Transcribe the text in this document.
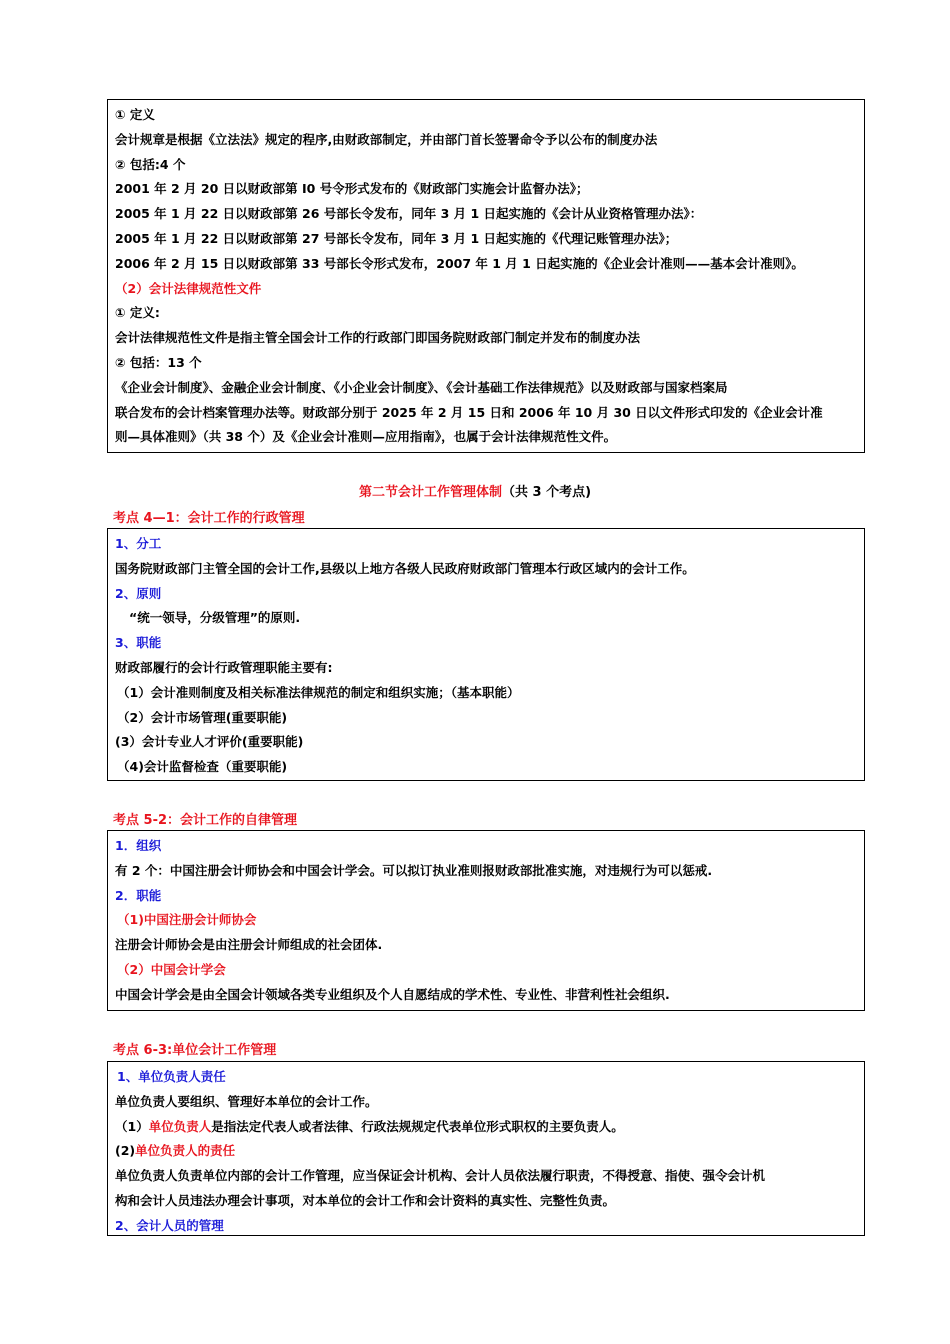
① 定义
会计规章是根据《立法法》规定的程序,由财政部制定，并由部门首长签署命令予以公布的制度办法
② 包括:4 个
2001 年 2 月 20 日以财政部第 I0 号令形式发布的《财政部门实施会计监督办法》；
2005 年 1 月 22 日以财政部第 26 号部长令发布，同年 3 月 1 日起实施的《会计从业资格管理办法》：
2005 年 1 月 22 日以财政部第 27 号部长令发布，同年 3 月 1 日起实施的《代理记账管理办法》；
2006 年 2 月 15 日以财政部第 33 号部长令形式发布，2007 年 1 月 1 日起实施的《企业会计准则——基本会计准则》。
（2）会计法律规范性文件
① 定义:
会计法律规范性文件是指主管全国会计工作的行政部门即国务院财政部门制定并发布的制度办法
② 包括：13 个
《企业会计制度》、金融企业会计制度、《小企业会计制度》、《会计基础工作法律规范》以及财政部与国家档案局
联合发布的会计档案管理办法等。财政部分别于 2025 年 2 月 15 日和 2006 年 10 月 30 日以文件形式印发的《企业会计准
则—具体准则》（共 38 个）及《企业会计准则—应用指南》，也属于会计法律规范性文件。
第二节会计工作管理体制（共 3 个考点)
考点 4—1：会计工作的行政管理
1、分工
国务院财政部门主管全国的会计工作,县级以上地方各级人民政府财政部门管理本行政区域内的会计工作。
2、原则
“统一领导，分级管理”的原则.
3、职能
财政部履行的会计行政管理职能主要有:
（1）会计准则制度及相关标准法律规范的制定和组织实施；（基本职能）
（2）会计市场管理(重要职能)
(3）会计专业人才评价(重要职能)
（4)会计监督检查（重要职能)
考点 5-2：会计工作的自律管理
1．组织
有 2 个：中国注册会计师协会和中国会计学会。可以拟订执业准则报财政部批准实施，对违规行为可以惩戒.
2．职能
（1)中国注册会计师协会
注册会计师协会是由注册会计师组成的社会团体.
（2）中国会计学会
中国会计学会是由全国会计领域各类专业组织及个人自愿结成的学术性、专业性、非营利性社会组织.
考点 6-3:单位会计工作管理
1、单位负责人责任
单位负责人要组织、管理好本单位的会计工作。
（1）单位负责人是指法定代表人或者法律、行政法规规定代表单位形式职权的主要负责人。
(2)单位负责人的责任
单位负责人负责单位内部的会计工作管理，应当保证会计机构、会计人员依法履行职责，不得授意、指使、强令会计机
构和会计人员违法办理会计事项，对本单位的会计工作和会计资料的真实性、完整性负责。
2、会计人员的管理
